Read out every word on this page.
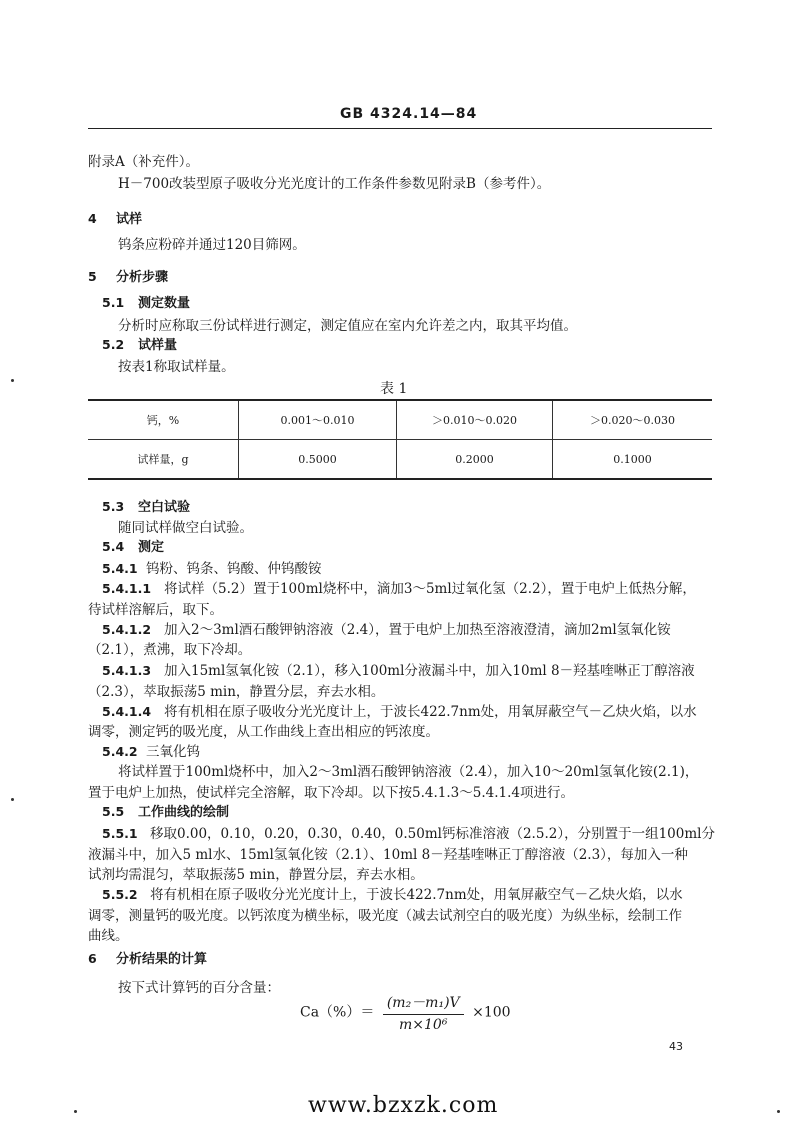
GB 4324.14—84
附录A（补充件）。
H－700改装型原子吸收分光光度计的工作条件参数见附录B（参考件）。
4 试样
钨条应粉碎并通过120目筛网。
5 分析步骤
5.1 测定数量
分析时应称取三份试样进行测定，测定值应在室内允许差之内，取其平均值。
5.2 试样量
按表1称取试样量。
表 1
钙，%	0.001～0.010	＞0.010～0.020	＞0.020～0.030
试样量，g	0.5000	0.2000	0.1000
5.3 空白试验
随同试样做空白试验。
5.4 测定
5.4.1 钨粉、钨条、钨酸、仲钨酸铵
5.4.1.1 将试样（5.2）置于100ml烧杯中，滴加3～5ml过氧化氢（2.2），置于电炉上低热分解，
待试样溶解后，取下。
5.4.1.2 加入2～3ml酒石酸钾钠溶液（2.4），置于电炉上加热至溶液澄清，滴加2ml氢氧化铵
（2.1），煮沸，取下冷却。
5.4.1.3 加入15ml氢氧化铵（2.1），移入100ml分液漏斗中，加入10ml 8－羟基喹啉正丁醇溶液
（2.3），萃取振荡5 min，静置分层，弃去水相。
5.4.1.4 将有机相在原子吸收分光光度计上，于波长422.7nm处，用氧屏蔽空气－乙炔火焰，以水
调零，测定钙的吸光度，从工作曲线上查出相应的钙浓度。
5.4.2 三氧化钨
将试样置于100ml烧杯中，加入2～3ml酒石酸钾钠溶液（2.4），加入10～20ml氢氧化铵(2.1)，
置于电炉上加热，使试样完全溶解，取下冷却。以下按5.4.1.3～5.4.1.4项进行。
5.5 工作曲线的绘制
5.5.1 移取0.00，0.10，0.20，0.30，0.40，0.50ml钙标准溶液（2.5.2），分别置于一组100ml分
液漏斗中，加入5 ml水、15ml氢氧化铵（2.1）、10ml 8－羟基喹啉正丁醇溶液（2.3），每加入一种
试剂均需混匀，萃取振荡5 min，静置分层，弃去水相。
5.5.2 将有机相在原子吸收分光光度计上，于波长422.7nm处，用氧屏蔽空气－乙炔火焰，以水
调零，测量钙的吸光度。以钙浓度为横坐标，吸光度（减去试剂空白的吸光度）为纵坐标，绘制工作
曲线。
6 分析结果的计算
按下式计算钙的百分含量：
$Ca(\%)= \frac{\text{(m₂－m₁)V}}{\text{m×10⁶}} \times 100$
43
www.bzxzk.com
